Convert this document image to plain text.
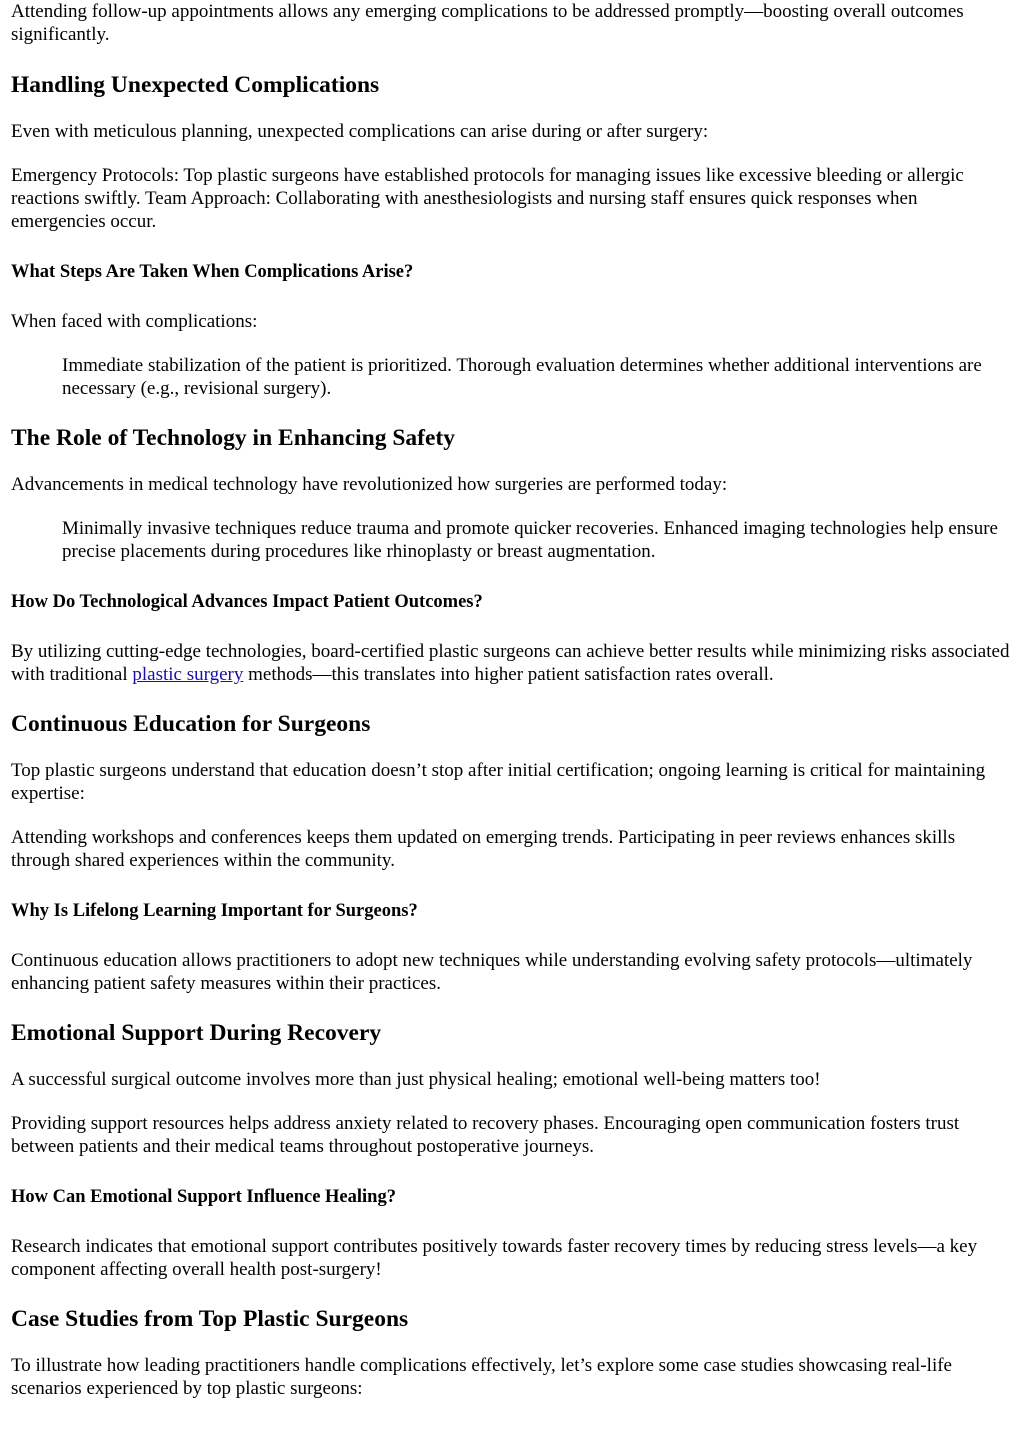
Attending follow-up appointments allows any emerging complications to be addressed promptly—boosting overall outcomes significantly.

Handling Unexpected Complications

Even with meticulous planning, unexpected complications can arise during or after surgery:

Emergency Protocols: Top plastic surgeons have established protocols for managing issues like excessive bleeding or allergic reactions swiftly. Team Approach: Collaborating with anesthesiologists and nursing staff ensures quick responses when emergencies occur.

What Steps Are Taken When Complications Arise?

When faced with complications:

Immediate stabilization of the patient is prioritized. Thorough evaluation determines whether additional interventions are necessary (e.g., revisional surgery).

The Role of Technology in Enhancing Safety

Advancements in medical technology have revolutionized how surgeries are performed today:

Minimally invasive techniques reduce trauma and promote quicker recoveries. Enhanced imaging technologies help ensure precise placements during procedures like rhinoplasty or breast augmentation.

How Do Technological Advances Impact Patient Outcomes?

By utilizing cutting-edge technologies, board-certified plastic surgeons can achieve better results while minimizing risks associated with traditional plastic surgery methods—this translates into higher patient satisfaction rates overall.

Continuous Education for Surgeons

Top plastic surgeons understand that education doesn’t stop after initial certification; ongoing learning is critical for maintaining expertise:

Attending workshops and conferences keeps them updated on emerging trends. Participating in peer reviews enhances skills through shared experiences within the community.

Why Is Lifelong Learning Important for Surgeons?

Continuous education allows practitioners to adopt new techniques while understanding evolving safety protocols—ultimately enhancing patient safety measures within their practices.

Emotional Support During Recovery

A successful surgical outcome involves more than just physical healing; emotional well-being matters too!

Providing support resources helps address anxiety related to recovery phases. Encouraging open communication fosters trust between patients and their medical teams throughout postoperative journeys.

How Can Emotional Support Influence Healing?

Research indicates that emotional support contributes positively towards faster recovery times by reducing stress levels—a key component affecting overall health post-surgery!

Case Studies from Top Plastic Surgeons

To illustrate how leading practitioners handle complications effectively, let’s explore some case studies showcasing real-life scenarios experienced by top plastic surgeons:
